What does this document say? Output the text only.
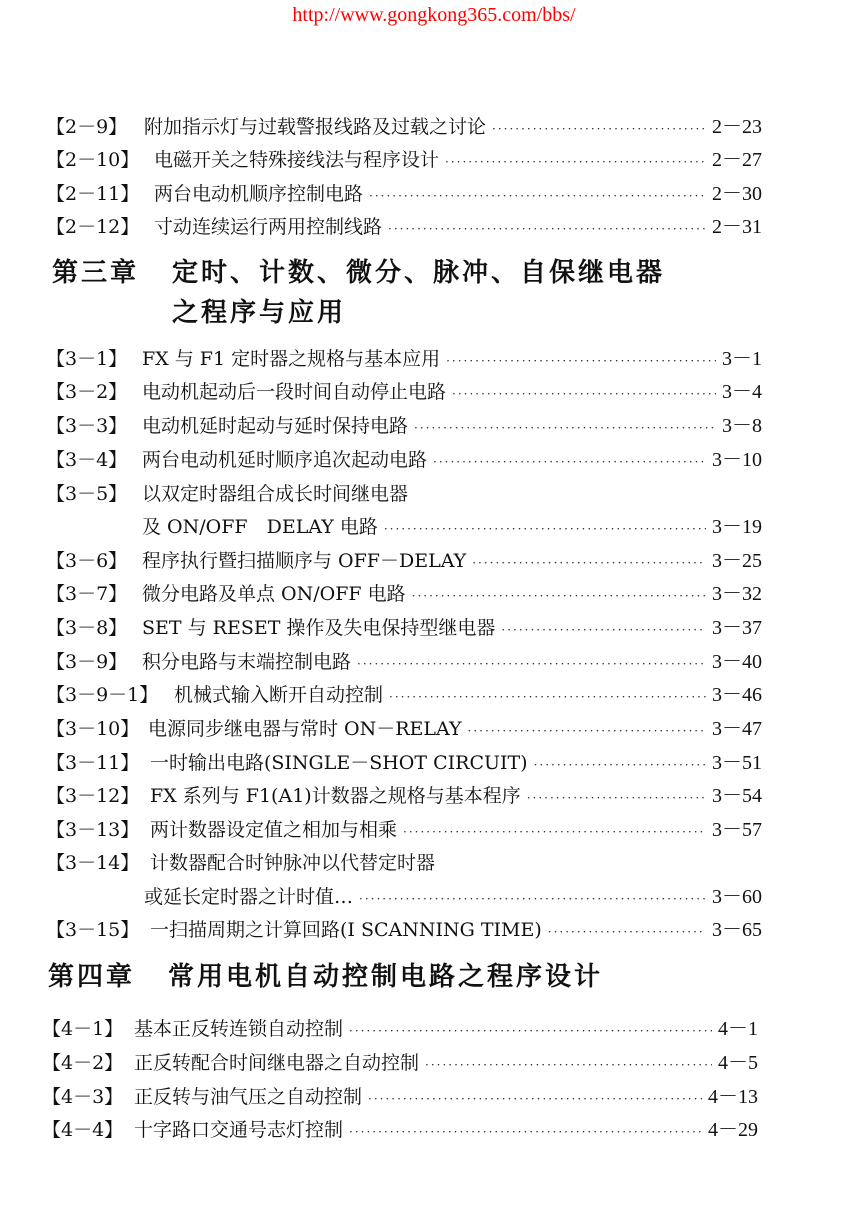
http://www.gongkong365.com/bbs/
【2－9】 附加指示灯与过载警报线路及过载之讨论 ·····	2－23
【2－10】 电磁开关之特殊接线法与程序设计 ·····	2－27
【2－11】 两台电动机顺序控制电路 ·····	2－30
【2－12】 寸动连续运行两用控制线路 ·····	2－31
第三章 定时、计数、微分、脉冲、自保继电器
之程序与应用
【3－1】 FX 与 F1 定时器之规格与基本应用 ·····	3－1
【3－2】 电动机起动后一段时间自动停止电路 ·····	3－4
【3－3】 电动机延时起动与延时保持电路 ·····	3－8
【3－4】 两台电动机延时顺序追次起动电路 ·····	3－10
【3－5】 以双定时器组合成长时间继电器
及 ON/OFF　DELAY 电路 ·····	3－19
【3－6】 程序执行暨扫描顺序与 OFF－DELAY ·····	3－25
【3－7】 微分电路及单点 ON/OFF 电路 ·····	3－32
【3－8】 SET 与 RESET 操作及失电保持型继电器 ·····	3－37
【3－9】 积分电路与末端控制电路 ·····	3－40
【3－9－1】 机械式输入断开自动控制 ·····	3－46
【3－10】 电源同步继电器与常时 ON－RELAY ·····	3－47
【3－11】 一时输出电路(SINGLE－SHOT CIRCUIT) ·····	3－51
【3－12】 FX 系列与 F1(A1)计数器之规格与基本程序 ·····	3－54
【3－13】 两计数器设定值之相加与相乘 ·····	3－57
【3－14】 计数器配合时钟脉冲以代替定时器
或延长定时器之计时值… ·····	3－60
【3－15】 一扫描周期之计算回路(I SCANNING TIME) ·····	3－65
第四章 常用电机自动控制电路之程序设计
【4－1】 基本正反转连锁自动控制 ·····	4－1
【4－2】 正反转配合时间继电器之自动控制 ·····	4－5
【4－3】 正反转与油气压之自动控制 ·····	4－13
【4－4】 十字路口交通号志灯控制 ·····	4－29
